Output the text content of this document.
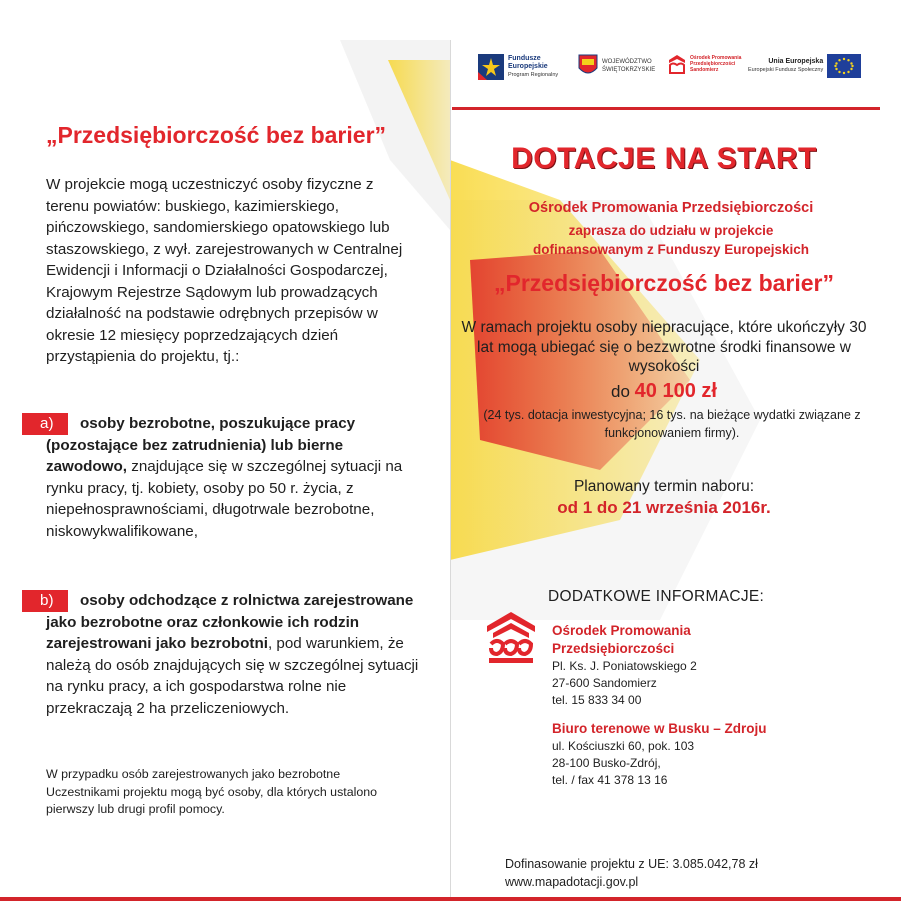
„Przedsiębiorczość bez barier”
W projekcie mogą uczestniczyć osoby fizyczne z terenu powiatów: buskiego, kazimierskiego, pińczowskiego, sandomierskiego opatowskiego lub staszowskiego, z wył. zarejestrowanych w Centralnej Ewidencji i Informacji o Działalności Gospodarczej, Krajowym Rejestrze Sądowym lub prowadzących działalność na podstawie odrębnych przepisów w okresie 12 miesięcy poprzedzających dzień przystąpienia do projektu, tj.:
a) osoby bezrobotne, poszukujące pracy (pozostające bez zatrudnienia) lub bierne zawodowo, znajdujące się w szczególnej sytuacji na rynku pracy, tj. kobiety, osoby po 50 r. życia, z niepełnosprawnościami, długotrwale bezrobotne, niskowykwalifikowane,
b) osoby odchodzące z rolnictwa zarejestrowane jako bezrobotne oraz członkowie ich rodzin zarejestrowani jako bezrobotni, pod warunkiem, że należą do osób znajdujących się w szczególnej sytuacji na rynku pracy, a ich gospodarstwa rolne nie przekraczają 2 ha przeliczeniowych.
W przypadku osób zarejestrowanych jako bezrobotne Uczestnikami projektu mogą być osoby, dla których ustalono pierwszy lub drugi profil pomocy.
Fundusze
Europejskie
Program Regionalny
WOJEWÓDZTWO
ŚWIĘTOKRZYSKIE
Ośrodek Promowania
Przedsiębiorczości
Sandomierz
Unia Europejska
Europejski Fundusz Społeczny
DOTACJE NA START
Ośrodek Promowania Przedsiębiorczości
zaprasza do udziału w projekcie
dofinansowanym z Funduszy Europejskich
„Przedsiębiorczość bez barier”
W ramach projektu osoby niepracujące, które ukończyły 30 lat mogą ubiegać się o bezzwrotne środki finansowe w wysokości
do 40 100 zł
(24 tys. dotacja inwestycyjna; 16 tys. na bieżące wydatki związane z funkcjonowaniem firmy).
Planowany termin naboru:
od 1 do 21 września 2016r.
DODATKOWE INFORMACJE:
Ośrodek Promowania
Przedsiębiorczości
Pl. Ks. J. Poniatowskiego 2
27-600 Sandomierz
tel. 15 833 34 00
Biuro terenowe w Busku – Zdroju
ul. Kościuszki 60, pok. 103
28-100 Busko-Zdrój,
tel. / fax 41 378 13 16
Dofinasowanie projektu z UE: 3.085.042,78 zł
www.mapadotacji.gov.pl
